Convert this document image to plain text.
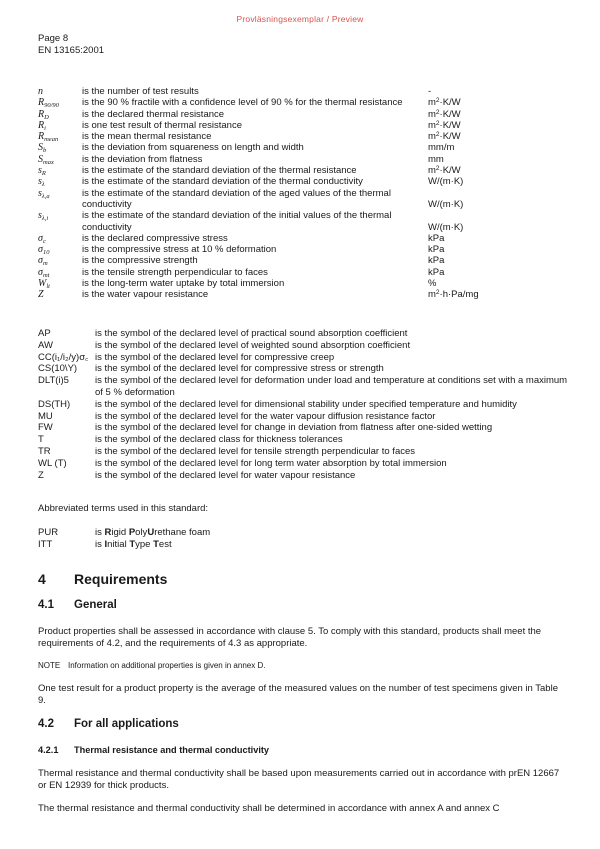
Provläsningsexemplar / Preview
Page 8
EN 13165:2001
n	is the number of test results	-
$R_{90/90}$	is the 90 % fractile with a confidence level of 90 % for the thermal resistance	$m^2\cdot K/W$
$R_D$	is the declared thermal resistance	$m^2\cdot K/W$
$R_i$	is one test result of thermal resistance	$m^2\cdot K/W$
$R_{mean}$	is the mean thermal resistance	$m^2\cdot K/W$
$S_b$	is the deviation from squareness on length and width	mm/m
$S_{max}$	is the deviation from flatness	mm
$s_R$	is the estimate of the standard deviation of the thermal resistance	$m^2\cdot K/W$
$s_\lambda$	is the estimate of the standard deviation of the thermal conductivity	W/(m·K)
$s_{\lambda,a}$	is the estimate of the standard deviation of the aged values of the thermal conductivity	W/(m·K)
$s_{\lambda,i}$	is the estimate of the standard deviation of the initial values of the thermal conductivity	W/(m·K)
$\sigma_c$	is the declared compressive stress	kPa
$\sigma_{10}$	is the compressive stress at 10 % deformation	kPa
$\sigma_m$	is the compressive strength	kPa
$\sigma_{mt}$	is the tensile strength perpendicular to faces	kPa
$W_{lt}$	is the long-term water uptake by total immersion	%
Z	is the water vapour resistance	$m^2\cdot h\cdot Pa/mg$
AP	is the symbol of the declared level of practical sound absorption coefficient
AW	is the symbol of the declared level of weighted sound absorption coefficient
CC(i₁/i₂/y)σ꜀ is the symbol of the declared level for compressive creep
CS(10\Y)	is the symbol of the declared level for compressive stress or strength
DLT(i)5	is the symbol of the declared level for deformation under load and temperature at conditions set with a maximum of 5 % deformation
DS(TH)	is the symbol of the declared level for dimensional stability under specified temperature and humidity
MU	is the symbol of the declared level for the water vapour diffusion resistance factor
FW	is the symbol of the declared level for change in deviation from flatness after one-sided wetting
T	is the symbol of the declared class for thickness tolerances
TR	is the symbol of the declared level for tensile strength perpendicular to faces
WL (T)	is the symbol of the declared level for long term water absorption by total immersion
Z	is the symbol of the declared level for water vapour resistance
Abbreviated terms used in this standard:
PUR	is Rigid PolyUrethane foam
ITT	is Initial Type Test
4 Requirements
4.1 General
Product properties shall be assessed in accordance with clause 5. To comply with this standard, products shall meet the requirements of 4.2, and the requirements of 4.3 as appropriate.
NOTE Information on additional properties is given in annex D.
One test result for a product property is the average of the measured values on the number of test specimens given in Table 9.
4.2 For all applications
4.2.1 Thermal resistance and thermal conductivity
Thermal resistance and thermal conductivity shall be based upon measurements carried out in accordance with prEN 12667 or EN 12939 for thick products.
The thermal resistance and thermal conductivity shall be determined in accordance with annex A and annex C
